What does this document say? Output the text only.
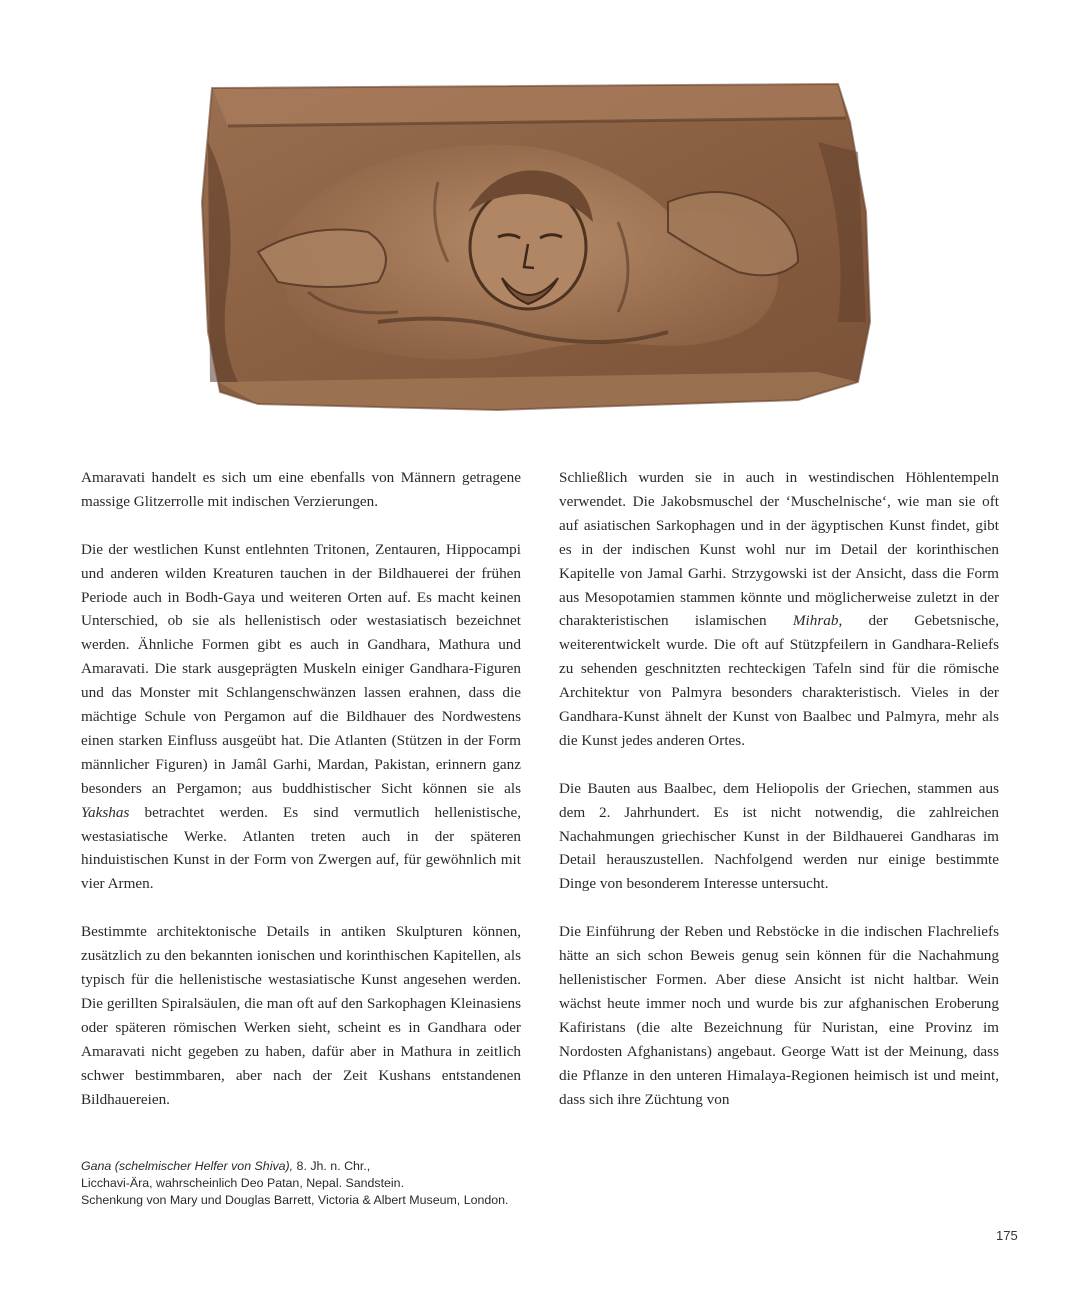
Amaravati handelt es sich um eine ebenfalls von Männern getragene massige Glitzerrolle mit indischen Verzierungen.

Die der westlichen Kunst entlehnten Tritonen, Zentauren, Hippocampi und anderen wilden Kreaturen tauchen in der Bildhauerei der frühen Periode auch in Bodh-Gaya und weiteren Orten auf. Es macht keinen Unterschied, ob sie als hellenistisch oder westasiatisch bezeichnet werden. Ähnliche Formen gibt es auch in Gandhara, Mathura und Amaravati. Die stark ausgeprägten Muskeln einiger Gandhara-Figuren und das Monster mit Schlangenschwänzen lassen erahnen, dass die mächtige Schule von Pergamon auf die Bildhauer des Nordwestens einen starken Einfluss ausgeübt hat. Die Atlanten (Stützen in der Form männlicher Figuren) in Jamâl Garhi, Mardan, Pakistan, erinnern ganz besonders an Pergamon; aus buddhistischer Sicht können sie als Yakshas betrachtet werden. Es sind vermutlich hellenistische, westasiatische Werke. Atlanten treten auch in der späteren hinduistischen Kunst in der Form von Zwergen auf, für gewöhnlich mit vier Armen.

Bestimmte architektonische Details in antiken Skulpturen können, zusätzlich zu den bekannten ionischen und korinthischen Kapitellen, als typisch für die hellenistische westasiatische Kunst angesehen werden. Die gerillten Spiralsäulen, die man oft auf den Sarkophagen Kleinasiens oder späteren römischen Werken sieht, scheint es in Gandhara oder Amaravati nicht gegeben zu haben, dafür aber in Mathura in zeitlich schwer bestimmbaren, aber nach der Zeit Kushans entstandenen Bildhauereien.

Schließlich wurden sie in auch in westindischen Höhlentempeln verwendet. Die Jakobsmuschel der ‘Muschelnische‘, wie man sie oft auf asiatischen Sarkophagen und in der ägyptischen Kunst findet, gibt es in der indischen Kunst wohl nur im Detail der korinthischen Kapitelle von Jamal Garhi. Strzygowski ist der Ansicht, dass die Form aus Mesopotamien stammen könnte und möglicherweise zuletzt in der charakteristischen islamischen Mihrab, der Gebetsnische, weiterentwickelt wurde. Die oft auf Stützpfeilern in Gandhara-Reliefs zu sehenden geschnitzten rechteckigen Tafeln sind für die römische Architektur von Palmyra besonders charakteristisch. Vieles in der Gandhara-Kunst ähnelt der Kunst von Baalbec und Palmyra, mehr als die Kunst jedes anderen Ortes.

Die Bauten aus Baalbec, dem Heliopolis der Griechen, stammen aus dem 2. Jahrhundert. Es ist nicht notwendig, die zahlreichen Nachahmungen griechischer Kunst in der Bildhauerei Gandharas im Detail herauszustellen. Nachfolgend werden nur einige bestimmte Dinge von besonderem Interesse untersucht.

Die Einführung der Reben und Rebstöcke in die indischen Flachreliefs hätte an sich schon Beweis genug sein können für die Nachahmung hellenistischer Formen. Aber diese Ansicht ist nicht haltbar. Wein wächst heute immer noch und wurde bis zur afghanischen Eroberung Kafiristans (die alte Bezeichnung für Nuristan, eine Provinz im Nordosten Afghanistans) angebaut. George Watt ist der Meinung, dass die Pflanze in den unteren Himalaya-Regionen heimisch ist und meint, dass sich ihre Züchtung von

Gana (schelmischer Helfer von Shiva), 8. Jh. n. Chr.,
Licchavi-Ära, wahrscheinlich Deo Patan, Nepal. Sandstein.
Schenkung von Mary und Douglas Barrett, Victoria & Albert Museum, London.
175
